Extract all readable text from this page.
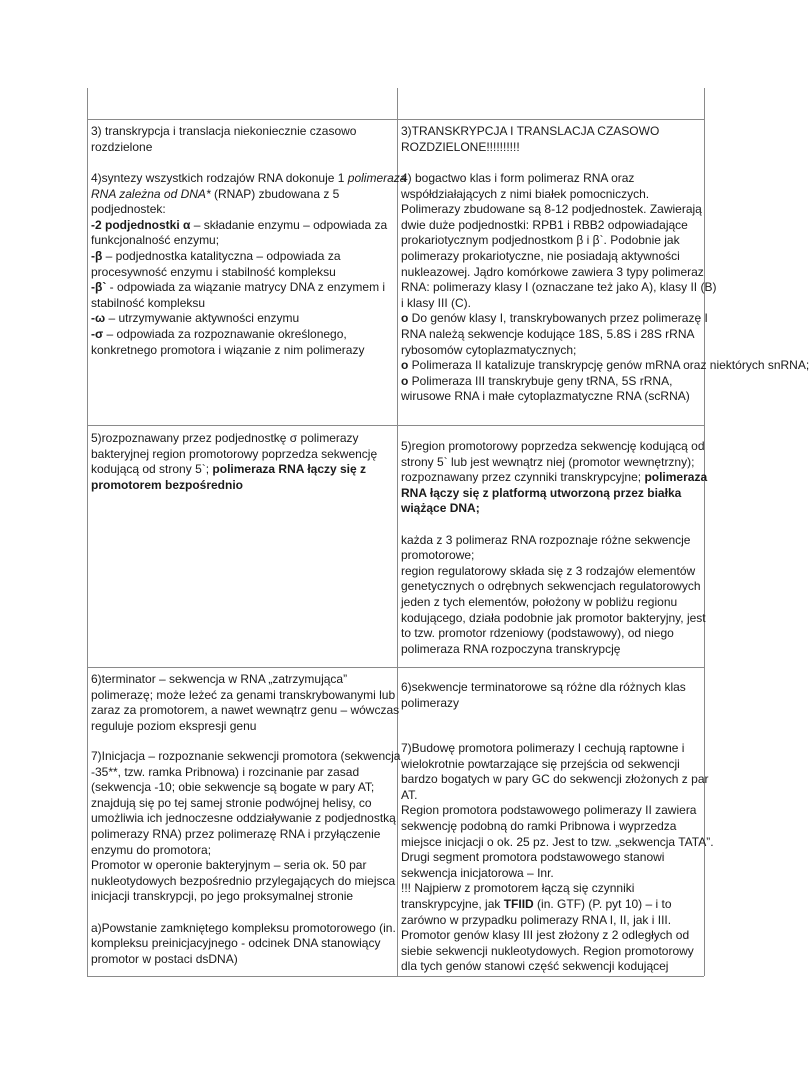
3) transkrypcja i translacja niekoniecznie czasowo
rozdzielone
4)syntezy wszystkich rodzajów RNA dokonuje 1 polimeraza
RNA zależna od DNA* (RNAP) zbudowana z 5
podjednostek:
-2 podjednostki α – składanie enzymu – odpowiada za
funkcjonalność enzymu;
-β – podjednostka katalityczna – odpowiada za
procesywność enzymu i stabilność kompleksu
-β` - odpowiada za wiązanie matrycy DNA z enzymem i
stabilność kompleksu
-ω – utrzymywanie aktywności enzymu
-σ – odpowiada za rozpoznawanie określonego,
konkretnego promotora i wiązanie z nim polimerazy
5)rozpoznawany przez podjednostkę σ polimerazy
bakteryjnej region promotorowy poprzedza sekwencję
kodującą od strony 5`; polimeraza RNA łączy się z
promotorem bezpośrednio
6)terminator – sekwencja w RNA „zatrzymująca”
polimerazę; może leżeć za genami transkrybowanymi lub
zaraz za promotorem, a nawet wewnątrz genu – wówczas
reguluje poziom ekspresji genu
7)Inicjacja – rozpoznanie sekwencji promotora (sekwencja
-35**, tzw. ramka Pribnowa) i rozcinanie par zasad
(sekwencja -10; obie sekwencje są bogate w pary AT;
znajdują się po tej samej stronie podwójnej helisy, co
umożliwia ich jednoczesne oddziaływanie z podjednostką
polimerazy RNA) przez polimerazę RNA i przyłączenie
enzymu do promotora;
Promotor w operonie bakteryjnym – seria ok. 50 par
nukleotydowych bezpośrednio przylegających do miejsca
inicjacji transkrypcji, po jego proksymalnej stronie
a)Powstanie zamkniętego kompleksu promotorowego (in.
kompleksu preinicjacyjnego - odcinek DNA stanowiący
promotor w postaci dsDNA)
3)TRANSKRYPCJA I TRANSLACJA CZASOWO
ROZDZIELONE!!!!!!!!!!
4) bogactwo klas i form polimeraz RNA oraz
współdziałających z nimi białek pomocniczych.
Polimerazy zbudowane są 8-12 podjednostek. Zawierają
dwie duże podjednostki: RPB1 i RBB2 odpowiadające
prokariotycznym podjednostkom β i β`. Podobnie jak
polimerazy prokariotyczne, nie posiadają aktywności
nukleazowej. Jądro komórkowe zawiera 3 typy polimeraz
RNA: polimerazy klasy I (oznaczane też jako A), klasy II (B)
i klasy III (C).
o Do genów klasy I, transkrybowanych przez polimerazę I
RNA należą sekwencje kodujące 18S, 5.8S i 28S rRNA
rybosomów cytoplazmatycznych;
o Polimeraza II katalizuje transkrypcję genów mRNA oraz niektórych snRNA;
o Polimeraza III transkrybuje geny tRNA, 5S rRNA,
wirusowe RNA i małe cytoplazmatyczne RNA (scRNA)
5)region promotorowy poprzedza sekwencję kodującą od
strony 5` lub jest wewnątrz niej (promotor wewnętrzny);
rozpoznawany przez czynniki transkrypcyjne; polimeraza
RNA łączy się z platformą utworzoną przez białka
wiążące DNA;
każda z 3 polimeraz RNA rozpoznaje różne sekwencje
promotorowe;
region regulatorowy składa się z 3 rodzajów elementów
genetycznych o odrębnych sekwencjach regulatorowych
jeden z tych elementów, położony w pobliżu regionu
kodującego, działa podobnie jak promotor bakteryjny, jest
to tzw. promotor rdzeniowy (podstawowy), od niego
polimeraza RNA rozpoczyna transkrypcję
6)sekwencje terminatorowe są różne dla różnych klas
polimerazy
7)Budowę promotora polimerazy I cechują raptowne i
wielokrotnie powtarzające się przejścia od sekwencji
bardzo bogatych w pary GC do sekwencji złożonych z par
AT.
Region promotora podstawowego polimerazy II zawiera
sekwencję podobną do ramki Pribnowa i wyprzedza
miejsce inicjacji o ok. 25 pz. Jest to tzw. „sekwencja TATA”.
Drugi segment promotora podstawowego stanowi
sekwencja inicjatorowa – Inr.
!!! Najpierw z promotorem łączą się czynniki
transkrypcyjne, jak TFIID (in. GTF) (P. pyt 10) – i to
zarówno w przypadku polimerazy RNA I, II, jak i III.
Promotor genów klasy III jest złożony z 2 odległych od
siebie sekwencji nukleotydowych. Region promotorowy
dla tych genów stanowi część sekwencji kodującej
